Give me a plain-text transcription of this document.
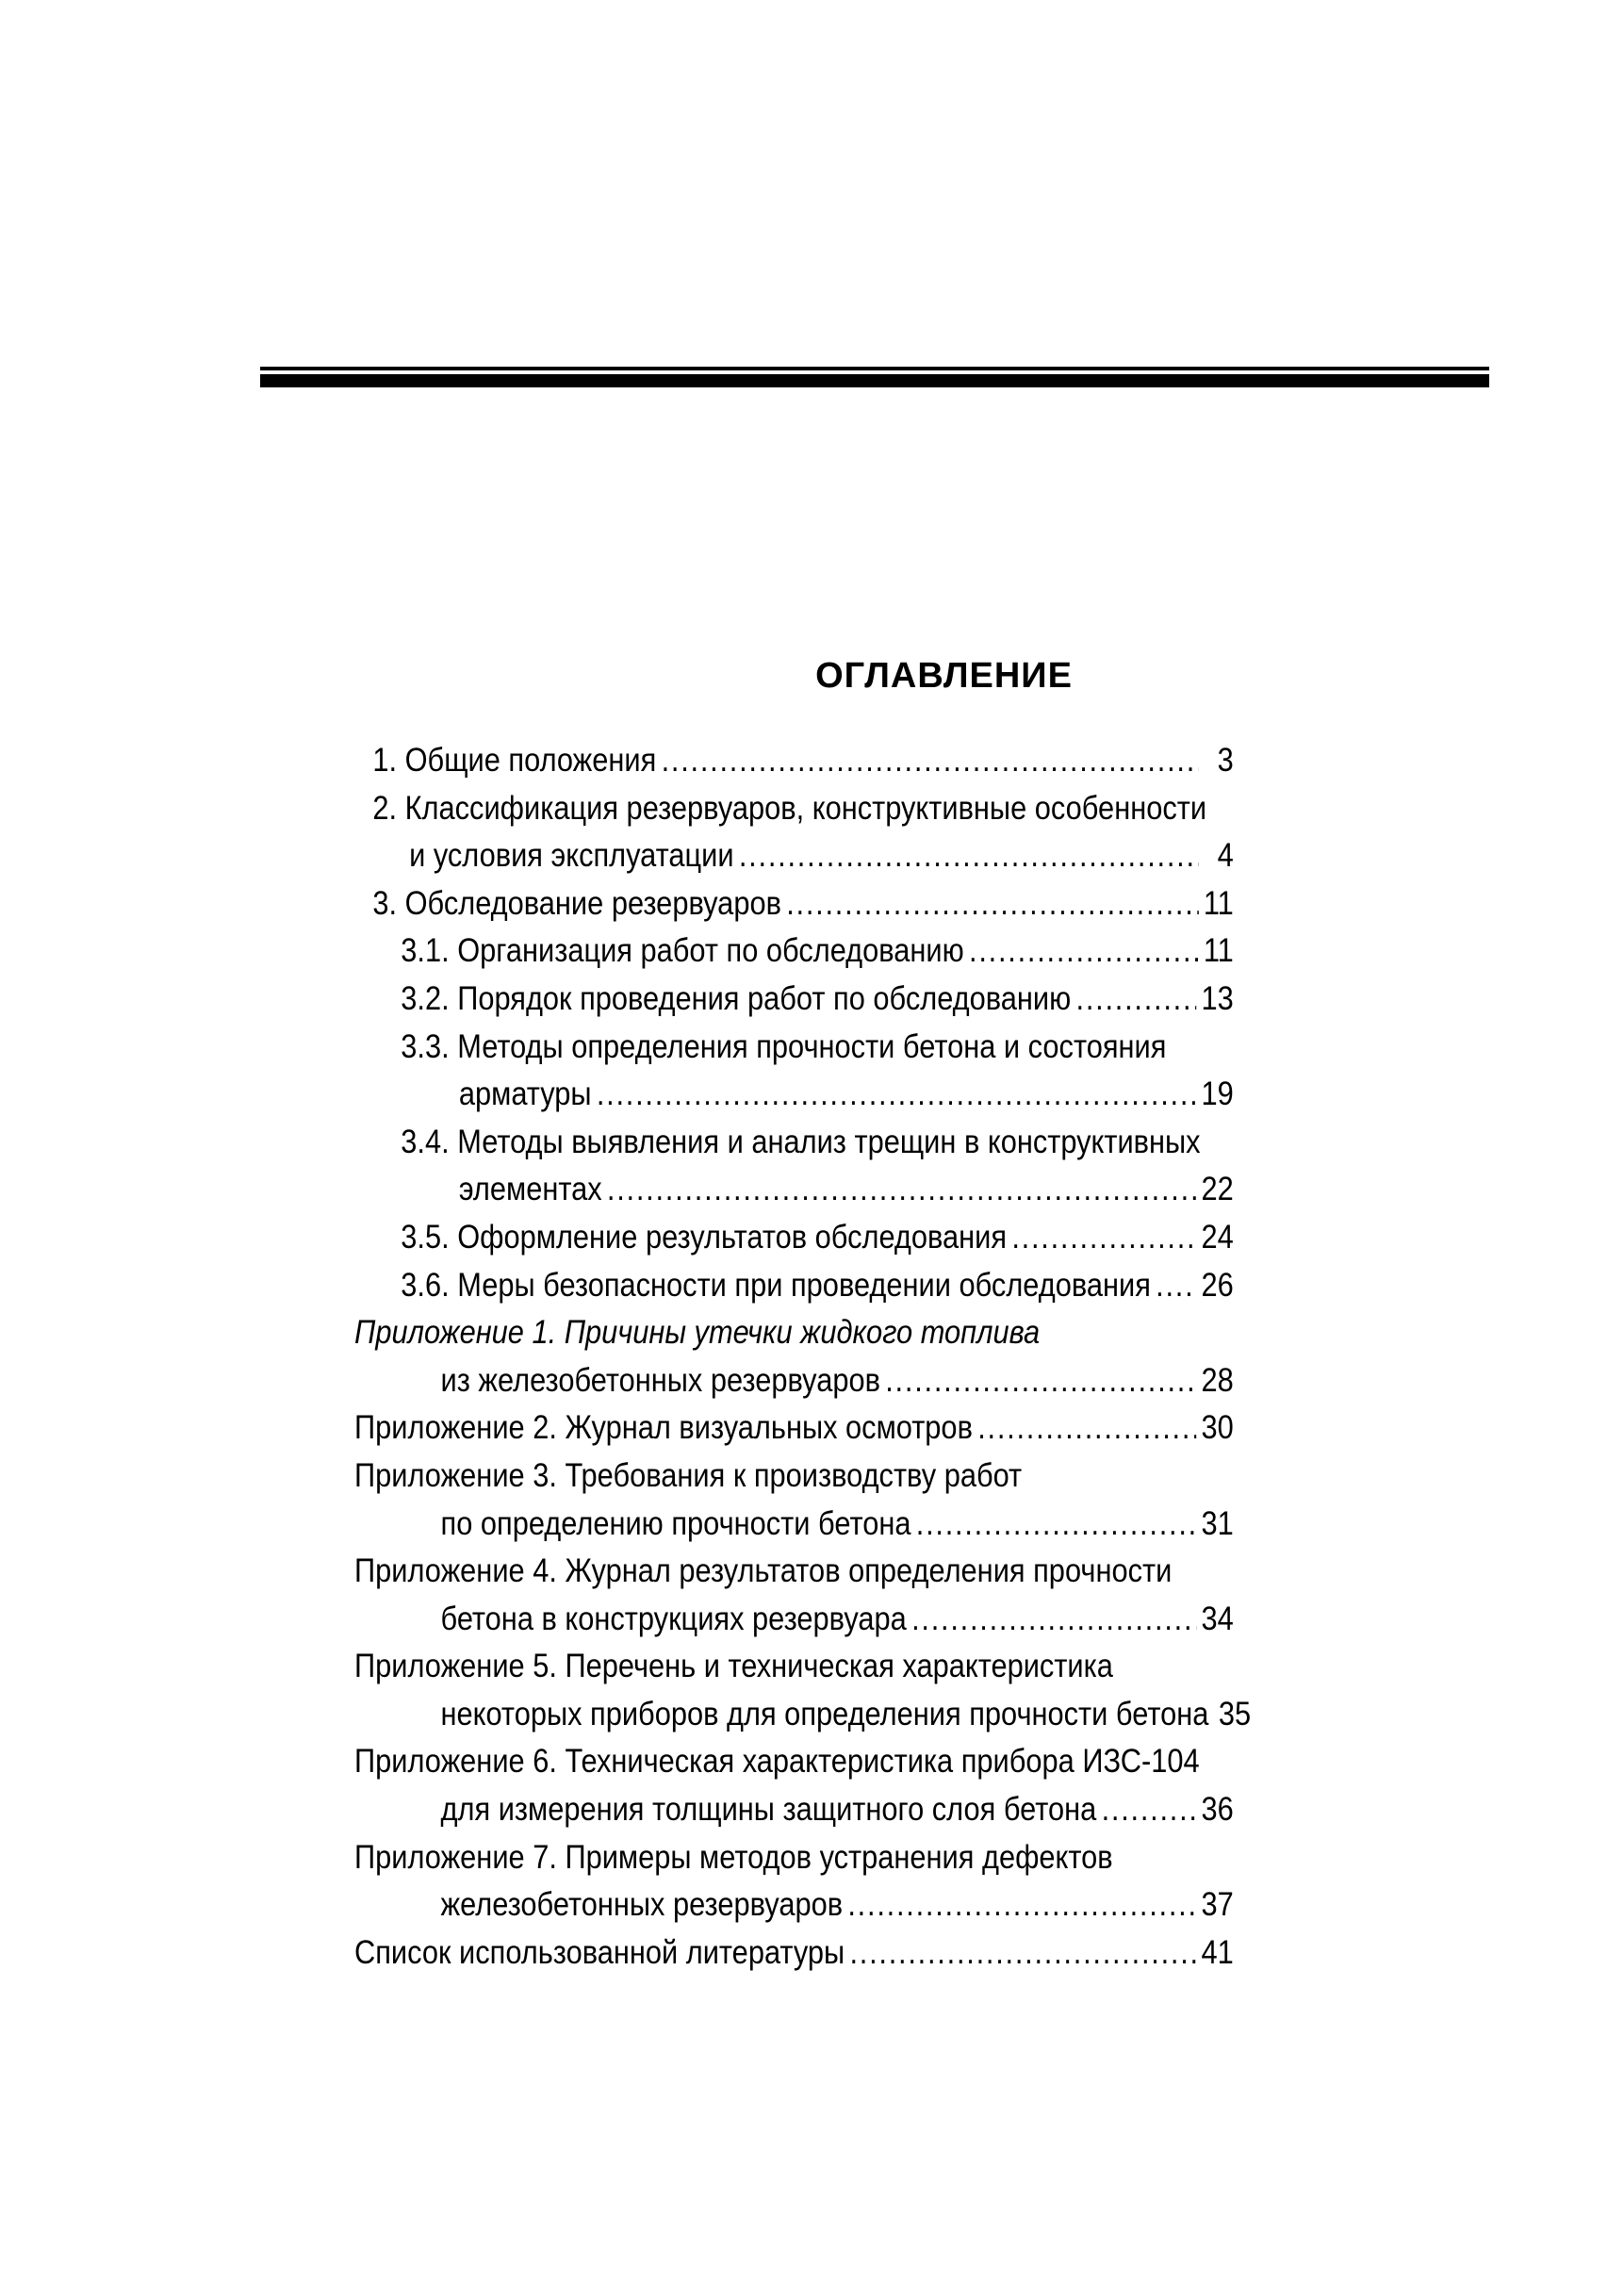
ОГЛАВЛЕНИЕ
1. Общие положения .....	3
2. Классификация резервуаров, конструктивные особенности
и условия эксплуатации .....	4
3. Обследование резервуаров .....	11
3.1. Организация работ по обследованию .....	11
3.2. Порядок проведения работ по обследованию .....	13
3.3. Методы определения прочности бетона и состояния
арматуры .....	19
3.4. Методы выявления и анализ трещин в конструктивных
элементах .....	22
3.5. Оформление результатов обследования .....	24
3.6. Меры безопасности при проведении обследования ..... 26
Приложение 1. Причины утечки жидкого топлива
из железобетонных резервуаров .....	28
Приложение 2. Журнал визуальных осмотров .....	30
Приложение 3. Требования к производству работ
по определению прочности бетона .....	31
Приложение 4. Журнал результатов определения прочности
бетона в конструкциях резервуара .....	34
Приложение 5. Перечень и техническая характеристика
некоторых приборов для определения прочности бетона 35
Приложение 6. Техническая характеристика прибора ИЗС-104
для измерения толщины защитного слоя бетона .....	36
Приложение 7. Примеры методов устранения дефектов
железобетонных резервуаров .....	37
Список использованной литературы .....	41
